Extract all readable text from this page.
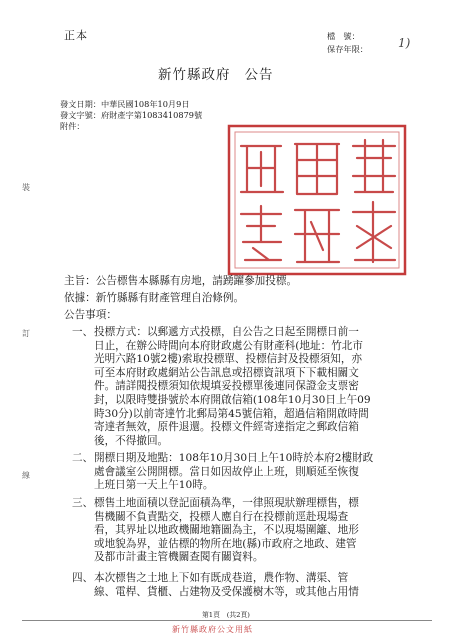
正本	檔　號：
保存年限：	1)
新竹縣政府 公告
發文日期：中華民國108年10月9日
發文字號：府財產字第1083410879號
附件：
裝
訂
線
主旨：公告標售本縣縣有房地，請踴躍參加投標。
依據：新竹縣縣有財產管理自治條例。
公告事項：
一、 投標方式：以郵遞方式投標，自公告之日起至開標日前一
日止，在辦公時間向本府財政處公有財產科(地址：竹北市
光明六路10號2樓)索取投標單、投標信封及投標須知，亦
可至本府財政處網站公告訊息或招標資訊項下下載相關文
件。請詳閱投標須知依規填妥投標單後連同保證金支票密
封，以限時雙掛號於本府開啟信箱(108年10月30日上午09
時30分)以前寄達竹北郵局第45號信箱，超過信箱開啟時間
寄達者無效，原件退還。投標文件經寄達指定之郵政信箱
後，不得撤回。
二、 開標日期及地點：108年10月30日上午10時於本府2樓財政
處會議室公開開標。當日如因故停止上班，則順延至恢復
上班日第一天上午10時。
三、 標售土地面積以登記面積為準，一律照現狀辦理標售，標
售機關不負責點交，投標人應自行在投標前逕赴現場查
看，其界址以地政機關地籍圖為主，不以現場圍籬、地形
或地貌為界，並估標的物所在地(縣)市政府之地政、建管
及都市計畫主管機關查閱有關資料。
四、 本次標售之土地上下如有既成巷道，農作物、溝渠、管
線、電桿、貨櫃、占建物及受保護樹木等，或其他占用情
第1頁　(共2頁)
新竹縣政府公文用紙
